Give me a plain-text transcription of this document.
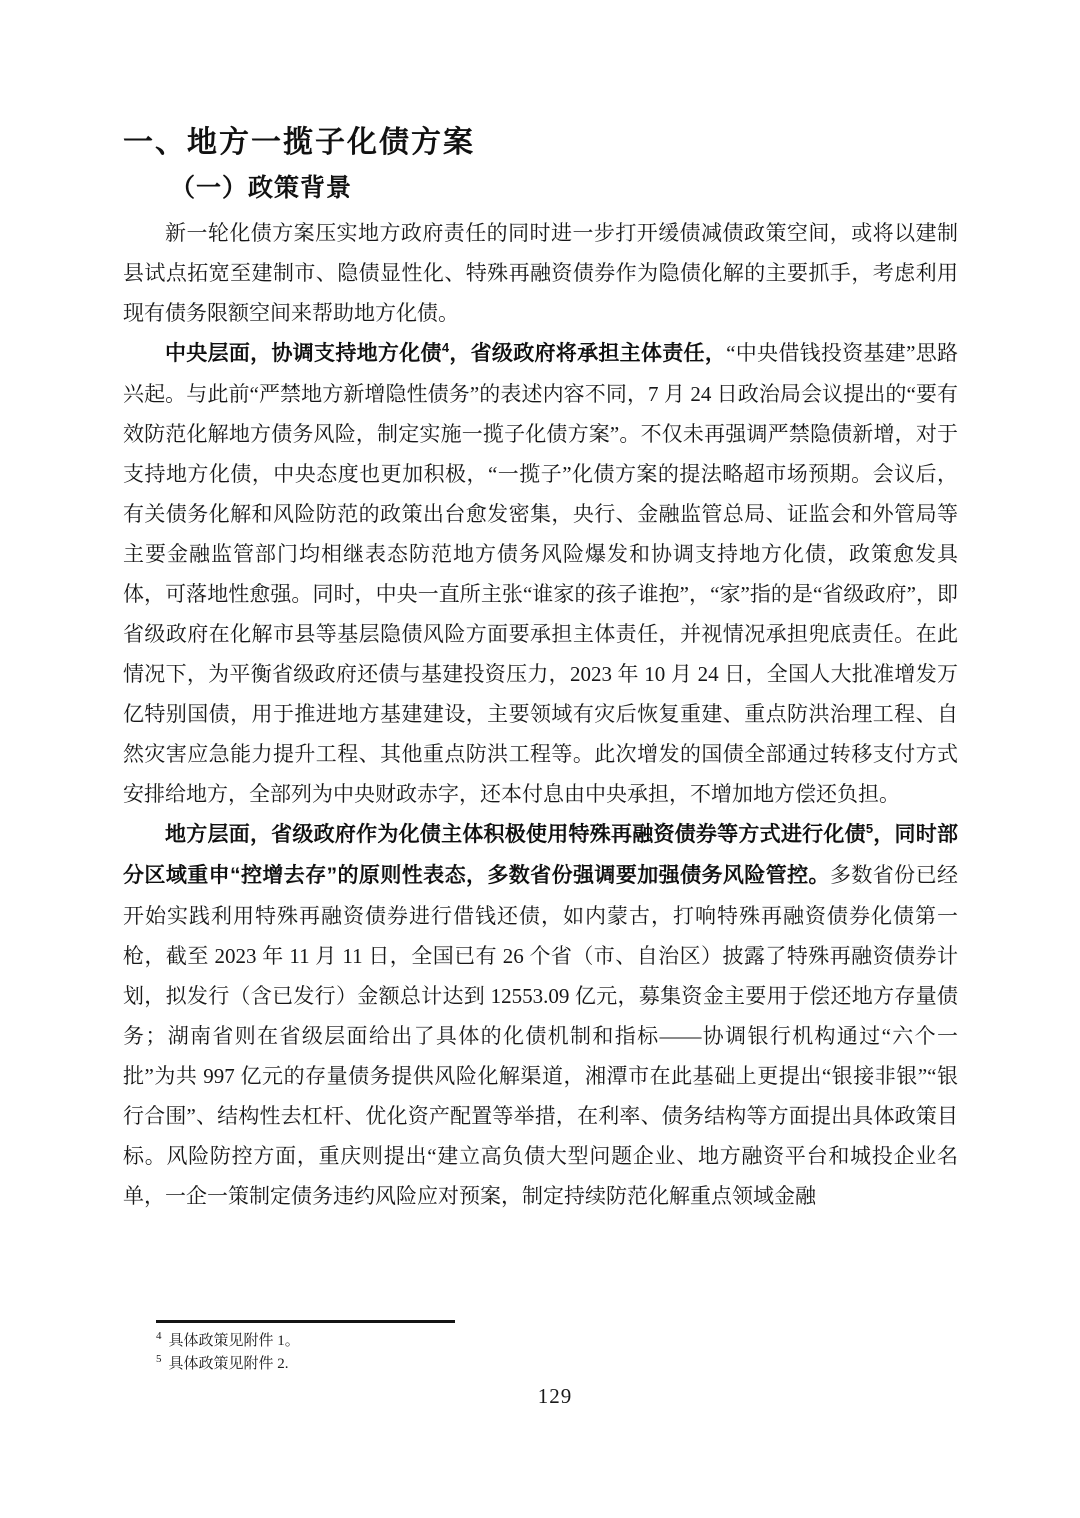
一、地方一揽子化债方案
（一）政策背景

新一轮化债方案压实地方政府责任的同时进一步打开缓债减债政策空间，或将以建制县试点拓宽至建制市、隐债显性化、特殊再融资债券作为隐债化解的主要抓手，考虑利用现有债务限额空间来帮助地方化债。

中央层面，协调支持地方化债$^4$，省级政府将承担主体责任，“中央借钱投资基建”思路兴起。与此前“严禁地方新增隐性债务”的表述内容不同，7 月 24 日政治局会议提出的“要有效防范化解地方债务风险，制定实施一揽子化债方案”。不仅未再强调严禁隐债新增，对于支持地方化债，中央态度也更加积极，“一揽子”化债方案的提法略超市场预期。会议后，有关债务化解和风险防范的政策出台愈发密集，央行、金融监管总局、证监会和外管局等主要金融监管部门均相继表态防范地方债务风险爆发和协调支持地方化债，政策愈发具体，可落地性愈强。同时，中央一直所主张“谁家的孩子谁抱”，“家”指的是“省级政府”，即省级政府在化解市县等基层隐债风险方面要承担主体责任，并视情况承担兜底责任。在此情况下，为平衡省级政府还债与基建投资压力，2023 年 10 月 24 日，全国人大批准增发万亿特别国债，用于推进地方基建建设，主要领域有灾后恢复重建、重点防洪治理工程、自然灾害应急能力提升工程、其他重点防洪工程等。此次增发的国债全部通过转移支付方式安排给地方，全部列为中央财政赤字，还本付息由中央承担，不增加地方偿还负担。

地方层面，省级政府作为化债主体积极使用特殊再融资债券等方式进行化债$^5$，同时部分区域重申“控增去存”的原则性表态，多数省份强调要加强债务风险管控。多数省份已经开始实践利用特殊再融资债券进行借钱还债，如内蒙古，打响特殊再融资债券化债第一枪，截至 2023 年 11 月 11 日，全国已有 26 个省（市、自治区）披露了特殊再融资债券计划，拟发行（含已发行）金额总计达到 12553.09 亿元，募集资金主要用于偿还地方存量债务；湖南省则在省级层面给出了具体的化债机制和指标——协调银行机构通过“六个一批”为共 997 亿元的存量债务提供风险化解渠道，湘潭市在此基础上更提出“银接非银”“银行合围”、结构性去杠杆、优化资产配置等举措，在利率、债务结构等方面提出具体政策目标。风险防控方面，重庆则提出“建立高负债大型问题企业、地方融资平台和城投企业名单，一企一策制定债务违约风险应对预案，制定持续防范化解重点领域金融

$^4$ 具体政策见附件 1。
$^5$ 具体政策见附件 2.
129
